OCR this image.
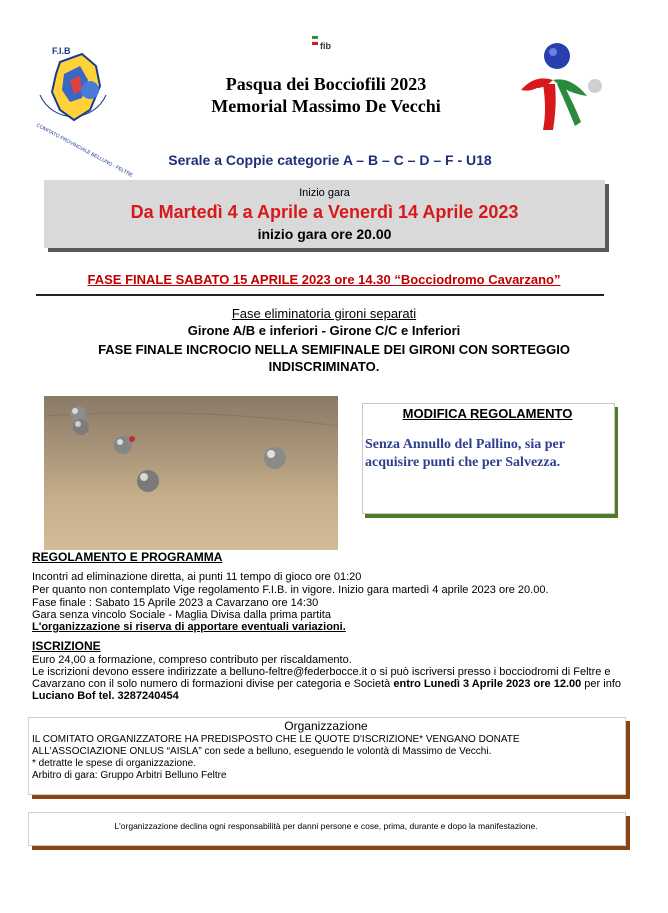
F.I.B
COMITATO PROVINCIALE BELLUNO - FELTRE
fib
Pasqua dei Bocciofili 2023
Memorial Massimo De Vecchi
Serale a Coppie categorie A – B – C – D – F - U18
Inizio gara
Da Martedì 4 a Aprile a Venerdì 14 Aprile 2023
inizio gara ore 20.00
FASE FINALE SABATO 15 APRILE 2023 ore 14.30 “Bocciodromo Cavarzano”
Fase eliminatoria gironi separati
Girone A/B e inferiori - Girone C/C e Inferiori
FASE FINALE INCROCIO NELLA SEMIFINALE DEI GIRONI CON SORTEGGIO
INDISCRIMINATO.
MODIFICA REGOLAMENTO
Senza Annullo del Pallino, sia per acquisire punti che per Salvezza.
REGOLAMENTO E PROGRAMMA
Incontri ad eliminazione diretta, ai punti 11 tempo di gioco ore 01:20
Per quanto non contemplato Vige regolamento F.I.B. in vigore. Inizio gara martedì 4 aprile 2023 ore 20.00.
Fase finale : Sabato 15 Aprile 2023 a Cavarzano ore 14:30
Gara senza vincolo Sociale - Maglia Divisa dalla prima partita
L'organizzazione si riserva di apportare eventuali variazioni.
ISCRIZIONE
Euro 24,00 a formazione, compreso contributo per riscaldamento.
Le iscrizioni devono essere indirizzate a belluno-feltre@federbocce.it o si può iscriversi presso i bocciodromi di Feltre e
Cavarzano con il solo numero di formazioni divise per categoria e Società entro Lunedì 3 Aprile 2023 ore 12.00 per info
Luciano Bof tel. 3287240454
Organizzazione
IL COMITATO ORGANIZZATORE HA PREDISPOSTO CHE LE QUOTE D'ISCRIZIONE* VENGANO DONATE
ALL'ASSOCIAZIONE ONLUS “AISLA” con sede a belluno, eseguendo le volontà di Massimo de Vecchi.
* detratte le spese di organizzazione.
Arbitro di gara: Gruppo Arbitri Belluno Feltre
L'organizzazione declina ogni responsabilità per danni persone e cose, prima, durante e dopo la manifestazione.
